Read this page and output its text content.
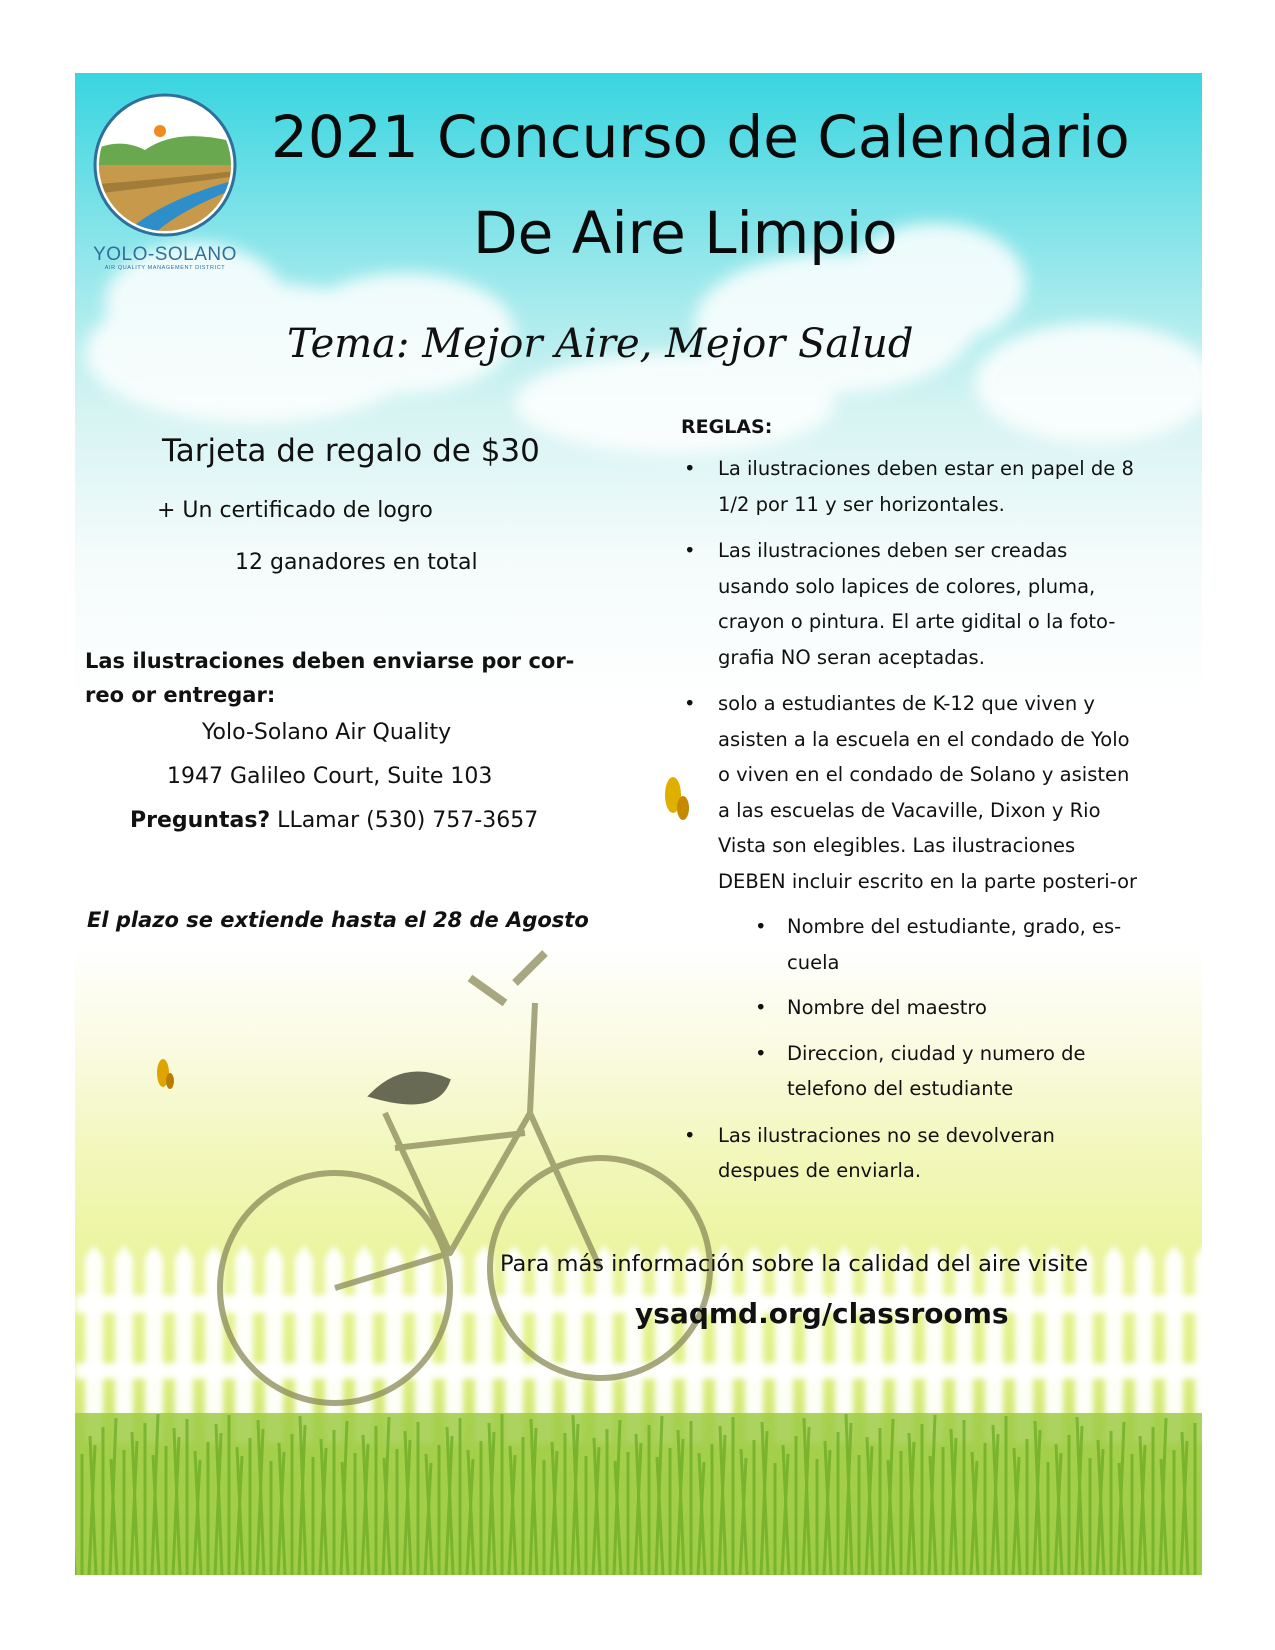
YOLO-SOLANO
AIR QUALITY MANAGEMENT DISTRICT
2021 Concurso de Calendario
De Aire Limpio
Tema: Mejor Aire, Mejor Salud
Tarjeta de regalo de $30
+ Un certificado de logro
12 ganadores en total
Las ilustraciones deben enviarse por cor-reo or entregar:
Yolo-Solano Air Quality
1947 Galileo Court, Suite 103
Preguntas? LLamar (530) 757-3657
El plazo se extiende hasta el 28 de Agosto
REGLAS:
• La ilustraciones deben estar en papel de 8 1/2 por 11 y ser horizontales.
• Las ilustraciones deben ser creadas usando solo lapices de colores, pluma, crayon o pintura. El arte gidital o la foto-grafia NO seran aceptadas.
• solo a estudiantes de K-12 que viven y asisten a la escuela en el condado de Yolo o viven en el condado de Solano y asisten a las escuelas de Vacaville, Dixon y Rio Vista son elegibles. Las ilustraciones DEBEN incluir escrito en la parte posteri-or
• Nombre del estudiante, grado, es-cuela
• Nombre del maestro
• Direccion, ciudad y numero de telefono del estudiante
• Las ilustraciones no se devolveran despues de enviarla.
Para más información sobre la calidad del aire visite
ysaqmd.org/classrooms
